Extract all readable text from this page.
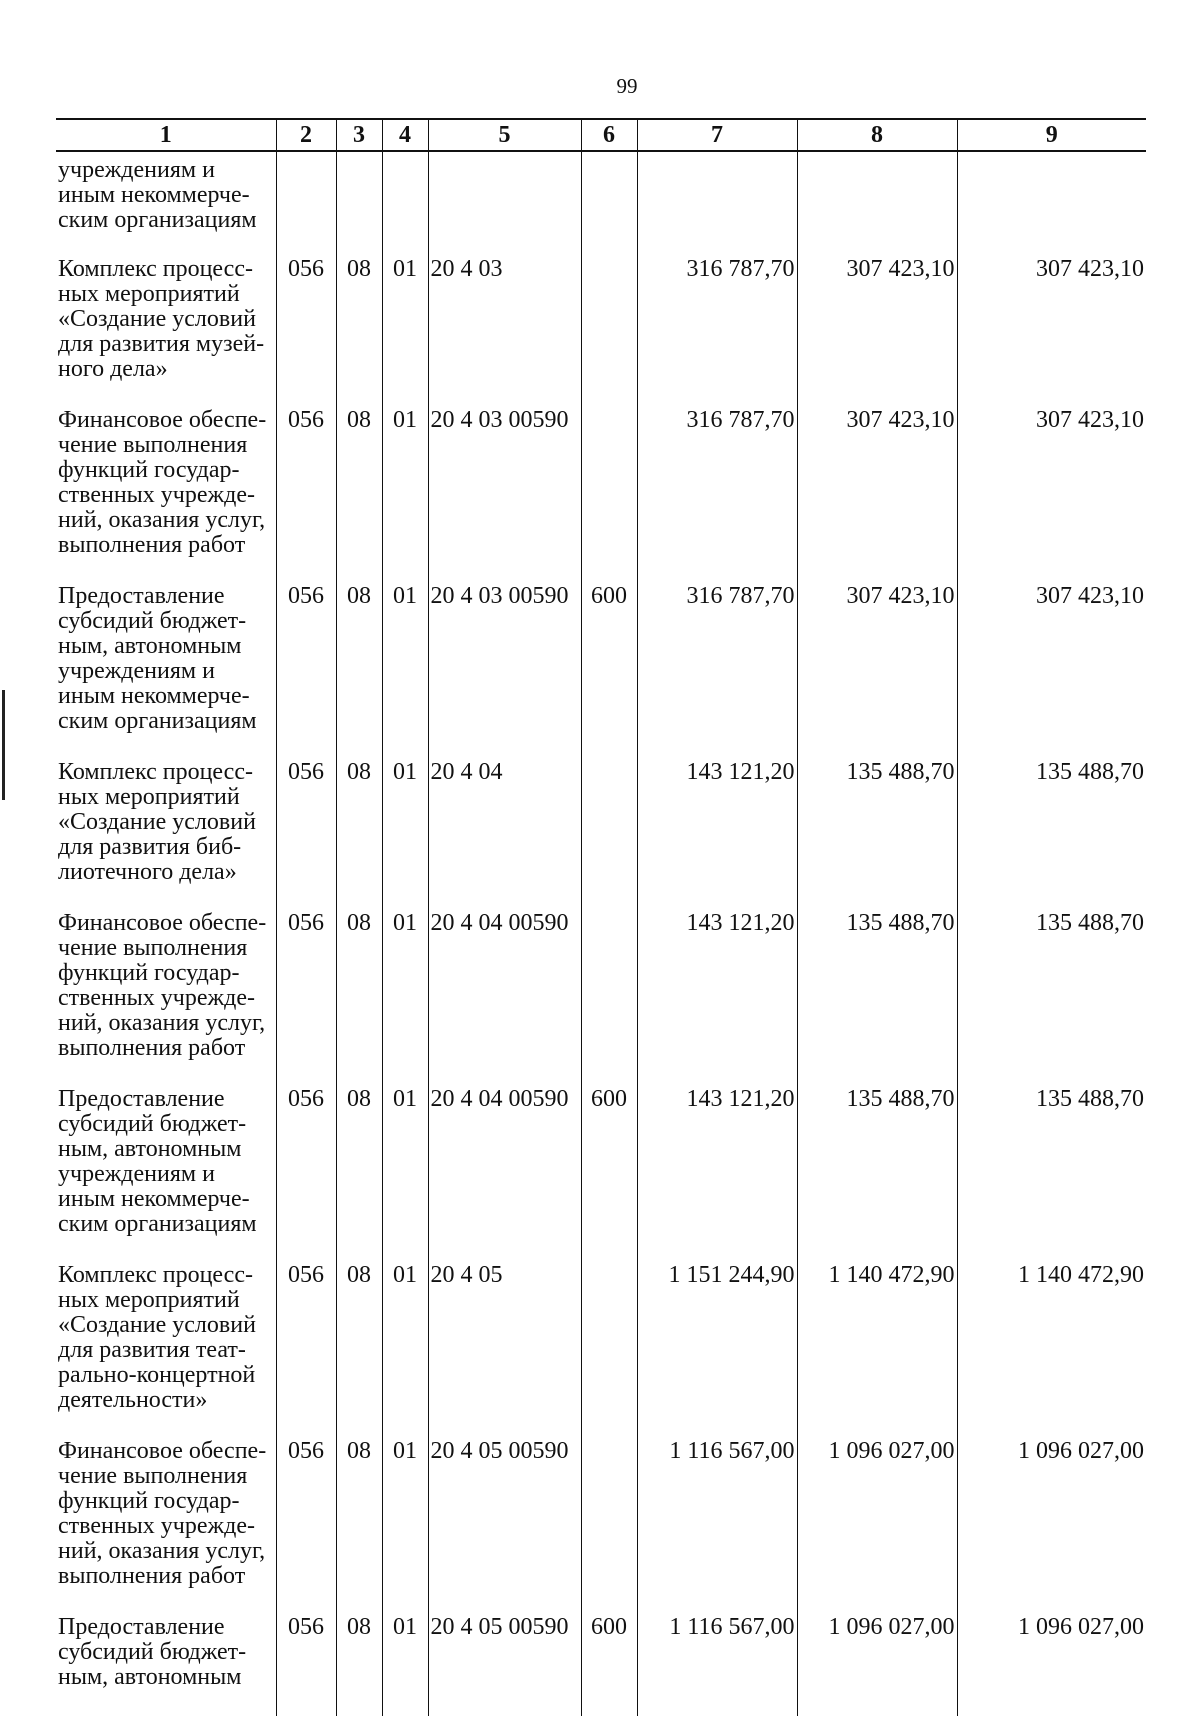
99
1	2	3	4	5	6	7	8	9
учреждениям и иным некоммерче-ским организациям								
Комплекс процесс-ных мероприятий «Создание условий для развития музей-ного дела»	056	08	01	20 4 03		316 787,70	307 423,10	307 423,10
Финансовое обеспе-чение выполнения функций государ-ственных учрежде-ний, оказания услуг, выполнения работ	056	08	01	20 4 03 00590		316 787,70	307 423,10	307 423,10
Предоставление субсидий бюджет-ным, автономным учреждениям и иным некоммерче-ским организациям	056	08	01	20 4 03 00590	600	316 787,70	307 423,10	307 423,10
Комплекс процесс-ных мероприятий «Создание условий для развития биб-лиотечного дела»	056	08	01	20 4 04		143 121,20	135 488,70	135 488,70
Финансовое обеспе-чение выполнения функций государ-ственных учрежде-ний, оказания услуг, выполнения работ	056	08	01	20 4 04 00590		143 121,20	135 488,70	135 488,70
Предоставление субсидий бюджет-ным, автономным учреждениям и иным некоммерче-ским организациям	056	08	01	20 4 04 00590	600	143 121,20	135 488,70	135 488,70
Комплекс процесс-ных мероприятий «Создание условий для развития теат-рально-концертной деятельности»	056	08	01	20 4 05		1 151 244,90	1 140 472,90	1 140 472,90
Финансовое обеспе-чение выполнения функций государ-ственных учрежде-ний, оказания услуг, выполнения работ	056	08	01	20 4 05 00590		1 116 567,00	1 096 027,00	1 096 027,00
Предоставление субсидий бюджет-ным, автономным	056	08	01	20 4 05 00590	600	1 116 567,00	1 096 027,00	1 096 027,00
